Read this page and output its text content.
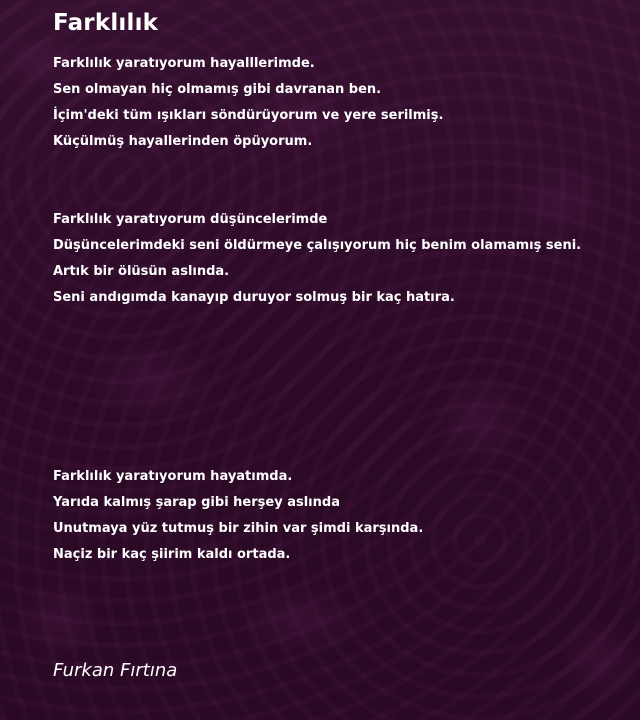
Farklılık
Farklılık yaratıyorum hayalllerimde.
Sen olmayan hiç olmamış gibi davranan ben.
İçim'deki tüm ışıkları söndürüyorum ve yere serilmiş.
Küçülmüş hayallerinden öpüyorum.
Farklılık yaratıyorum düşüncelerimde
Düşüncelerimdeki seni öldürmeye çalışıyorum hiç benim olamamış seni.
Artık bir ölüsün aslında.
Seni andıgımda kanayıp duruyor solmuş bir kaç hatıra.
Farklılık yaratıyorum hayatımda.
Yarıda kalmış şarap gibi herşey aslında
Unutmaya yüz tutmuş bir zihin var şimdi karşında.
Naçiz bir kaç şiirim kaldı ortada.

Furkan Fırtına
